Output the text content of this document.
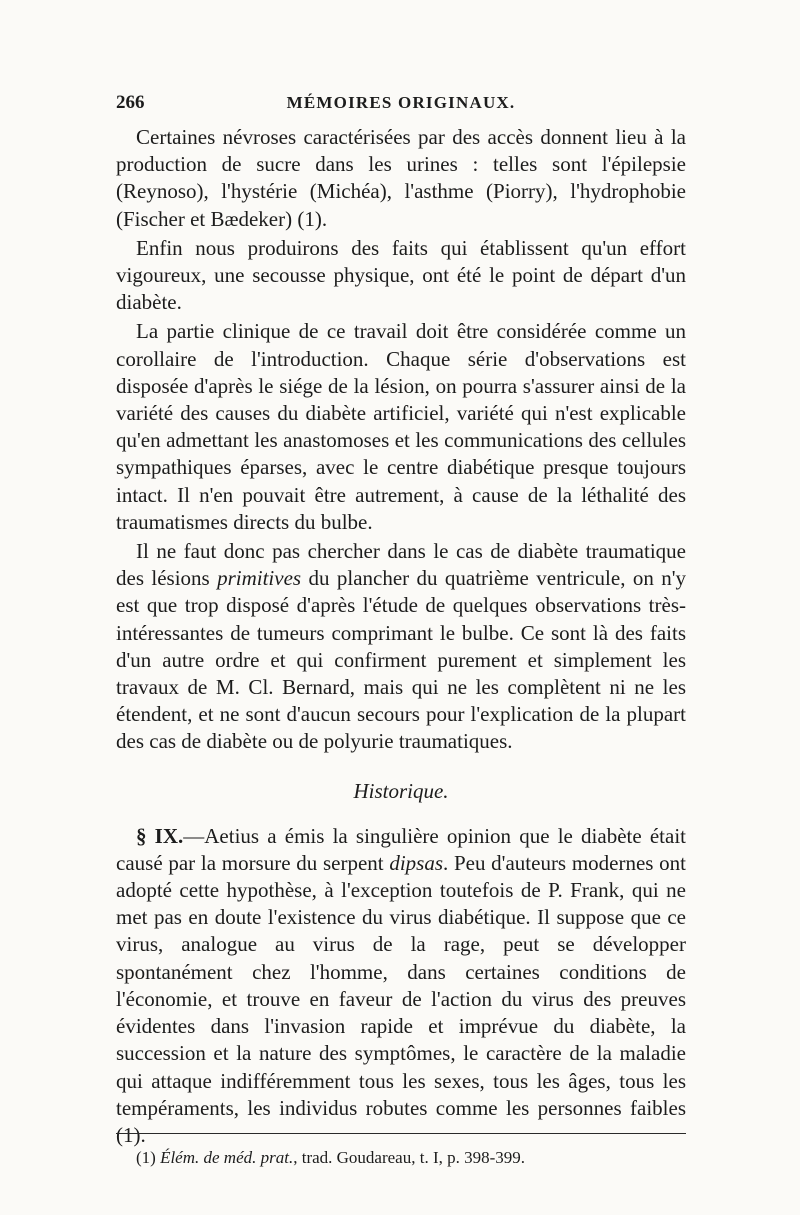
266	MÉMOIRES ORIGINAUX.

Certaines névroses caractérisées par des accès donnent lieu à la production de sucre dans les urines : telles sont l'épilepsie (Reynoso), l'hystérie (Michéa), l'asthme (Piorry), l'hydrophobie (Fischer et Bædeker) (1).

Enfin nous produirons des faits qui établissent qu'un effort vigoureux, une secousse physique, ont été le point de départ d'un diabète.

La partie clinique de ce travail doit être considérée comme un corollaire de l'introduction. Chaque série d'observations est disposée d'après le siége de la lésion, on pourra s'assurer ainsi de la variété des causes du diabète artificiel, variété qui n'est explicable qu'en admettant les anastomoses et les communications des cellules sympathiques éparses, avec le centre diabétique presque toujours intact. Il n'en pouvait être autrement, à cause de la léthalité des traumatismes directs du bulbe.

Il ne faut donc pas chercher dans le cas de diabète traumatique des lésions primitives du plancher du quatrième ventricule, on n'y est que trop disposé d'après l'étude de quelques observations très-intéressantes de tumeurs comprimant le bulbe. Ce sont là des faits d'un autre ordre et qui confirment purement et simplement les travaux de M. Cl. Bernard, mais qui ne les complètent ni ne les étendent, et ne sont d'aucun secours pour l'explication de la plupart des cas de diabète ou de polyurie traumatiques.

Historique.

§ IX.—Aetius a émis la singulière opinion que le diabète était causé par la morsure du serpent dipsas. Peu d'auteurs modernes ont adopté cette hypothèse, à l'exception toutefois de P. Frank, qui ne met pas en doute l'existence du virus diabétique. Il suppose que ce virus, analogue au virus de la rage, peut se développer spontanément chez l'homme, dans certaines conditions de l'économie, et trouve en faveur de l'action du virus des preuves évidentes dans l'invasion rapide et imprévue du diabète, la succession et la nature des symptômes, le caractère de la maladie qui attaque indifféremment tous les sexes, tous les âges, tous les tempéraments, les individus robutes comme les personnes faibles (1).

(1) Élém. de méd. prat., trad. Goudareau, t. I, p. 398-399.
